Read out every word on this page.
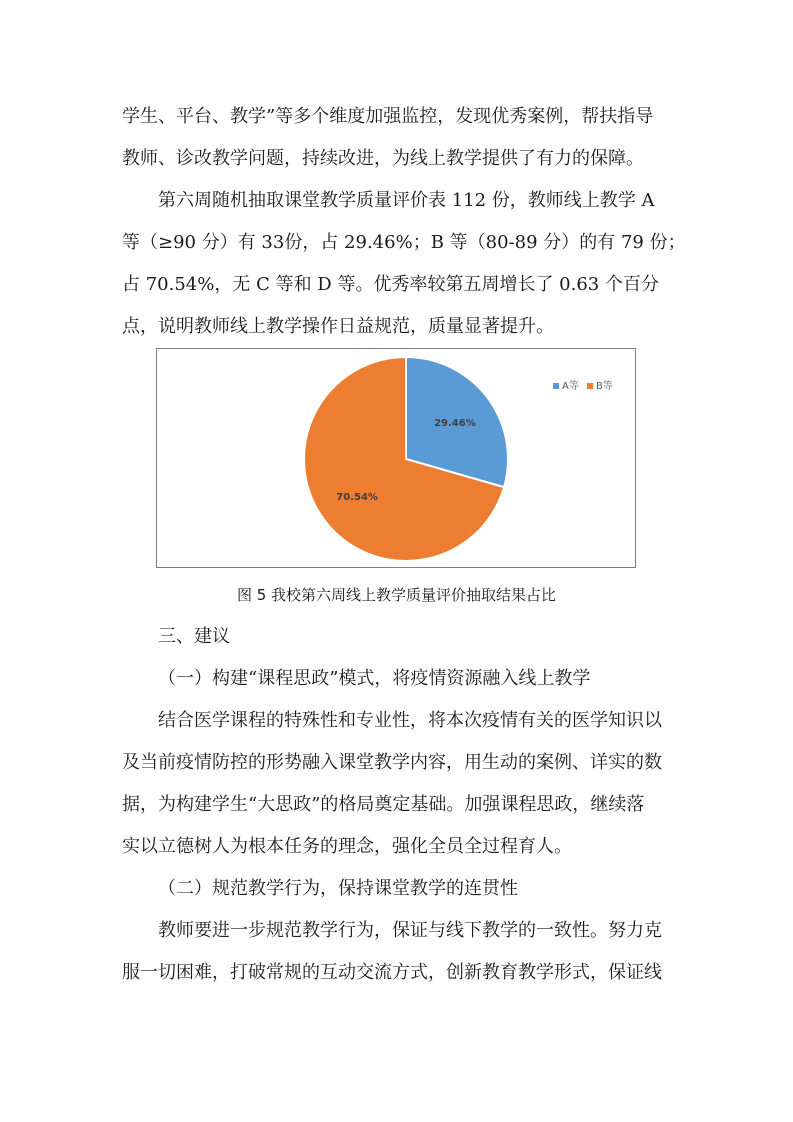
学生、平台、教学”等多个维度加强监控，发现优秀案例，帮扶指导
教师、诊改教学问题，持续改进，为线上教学提供了有力的保障。
第六周随机抽取课堂教学质量评价表 112 份，教师线上教学 A
等（≥90 分）有 33份，占 29.46%；B 等（80-89 分）的有 79 份；
占 70.54%，无 C 等和 D 等。优秀率较第五周增长了 0.63 个百分
点，说明教师线上教学操作日益规范，质量显著提升。
29.46%
70.54%
A等 B等
图 5 我校第六周线上教学质量评价抽取结果占比
三、建议
（一）构建“课程思政”模式，将疫情资源融入线上教学
结合医学课程的特殊性和专业性，将本次疫情有关的医学知识以
及当前疫情防控的形势融入课堂教学内容，用生动的案例、详实的数
据，为构建学生“大思政”的格局奠定基础。加强课程思政，继续落
实以立德树人为根本任务的理念，强化全员全过程育人。
（二）规范教学行为，保持课堂教学的连贯性
教师要进一步规范教学行为，保证与线下教学的一致性。努力克
服一切困难，打破常规的互动交流方式，创新教育教学形式，保证线
